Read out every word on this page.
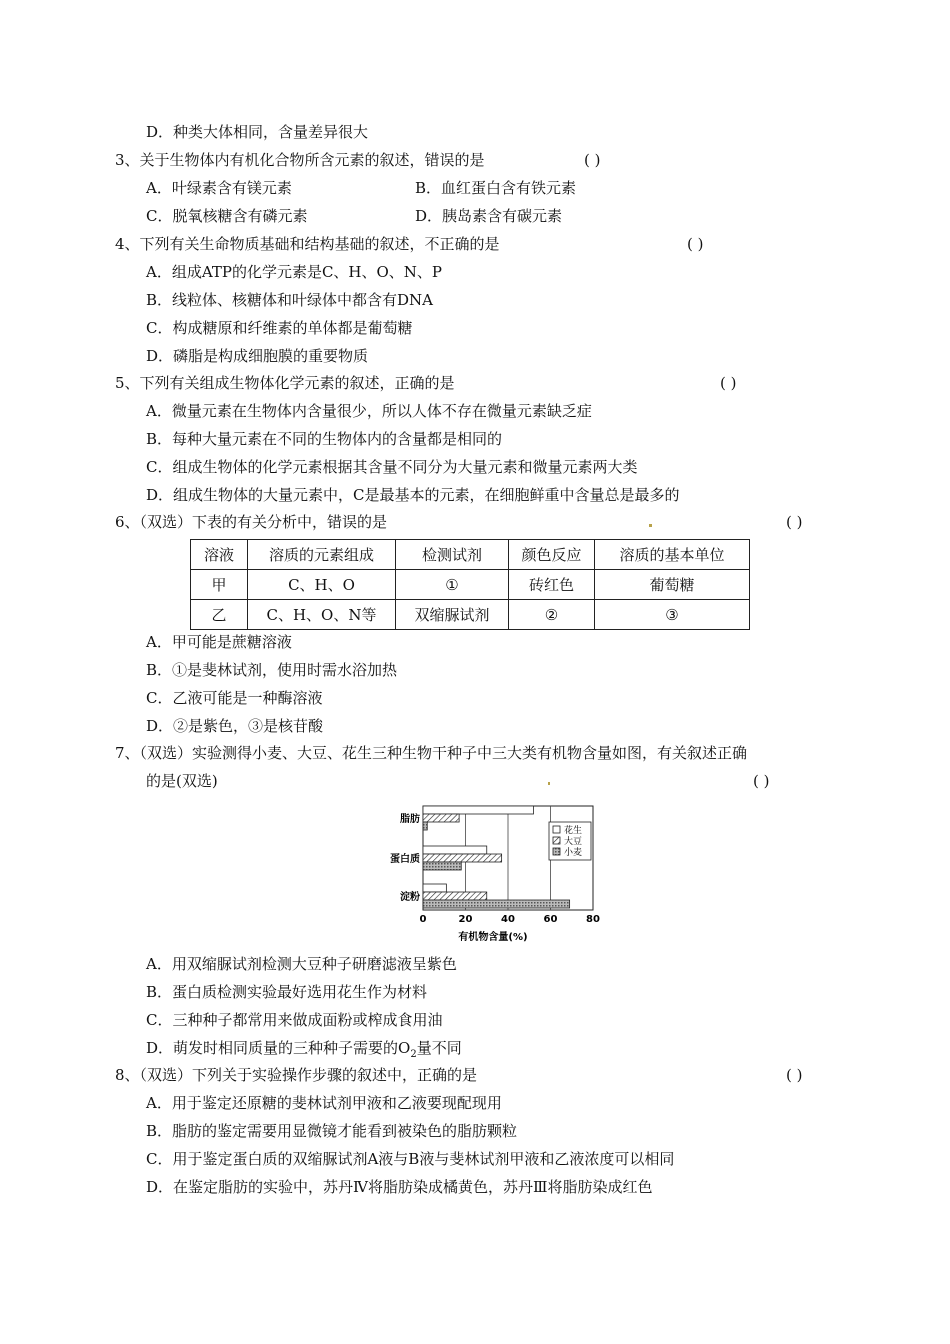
D．种类大体相同，含量差异很大
3、关于生物体内有机化合物所含元素的叙述，错误的是	( )
A．叶绿素含有镁元素	B．血红蛋白含有铁元素
C．脱氧核糖含有磷元素	D．胰岛素含有碳元素
4、下列有关生命物质基础和结构基础的叙述，不正确的是	( )
A．组成ATP的化学元素是C、H、O、N、P
B．线粒体、核糖体和叶绿体中都含有DNA
C．构成糖原和纤维素的单体都是葡萄糖
D．磷脂是构成细胞膜的重要物质
5、下列有关组成生物体化学元素的叙述，正确的是	( )
A．微量元素在生物体内含量很少，所以人体不存在微量元素缺乏症
B．每种大量元素在不同的生物体内的含量都是相同的
C．组成生物体的化学元素根据其含量不同分为大量元素和微量元素两大类
D．组成生物体的大量元素中，C是最基本的元素，在细胞鲜重中含量总是最多的
6、（双选）下表的有关分析中，错误的是	( )
溶液	溶质的元素组成	检测试剂	颜色反应	溶质的基本单位
甲	C、H、O	①	砖红色	葡萄糖
乙	C、H、O、N等	双缩脲试剂	②	③
A．甲可能是蔗糖溶液
B．①是斐林试剂，使用时需水浴加热
C．乙液可能是一种酶溶液
D．②是紫色，③是核苷酸
7、（双选）实验测得小麦、大豆、花生三种生物干种子中三大类有机物含量如图，有关叙述正确
的是(双选)	( )
0	20	40	60	80
脂肪
蛋白质
淀粉
花生
大豆
小麦
有机物含量(%)
A．用双缩脲试剂检测大豆种子研磨滤液呈紫色
B．蛋白质检测实验最好选用花生作为材料
C．三种种子都常用来做成面粉或榨成食用油
D．萌发时相同质量的三种种子需要的$O_2$量不同
8、（双选）下列关于实验操作步骤的叙述中，正确的是	( )
A．用于鉴定还原糖的斐林试剂甲液和乙液要现配现用
B．脂肪的鉴定需要用显微镜才能看到被染色的脂肪颗粒
C．用于鉴定蛋白质的双缩脲试剂A液与B液与斐林试剂甲液和乙液浓度可以相同
D．在鉴定脂肪的实验中，苏丹Ⅳ将脂肪染成橘黄色，苏丹Ⅲ将脂肪染成红色
